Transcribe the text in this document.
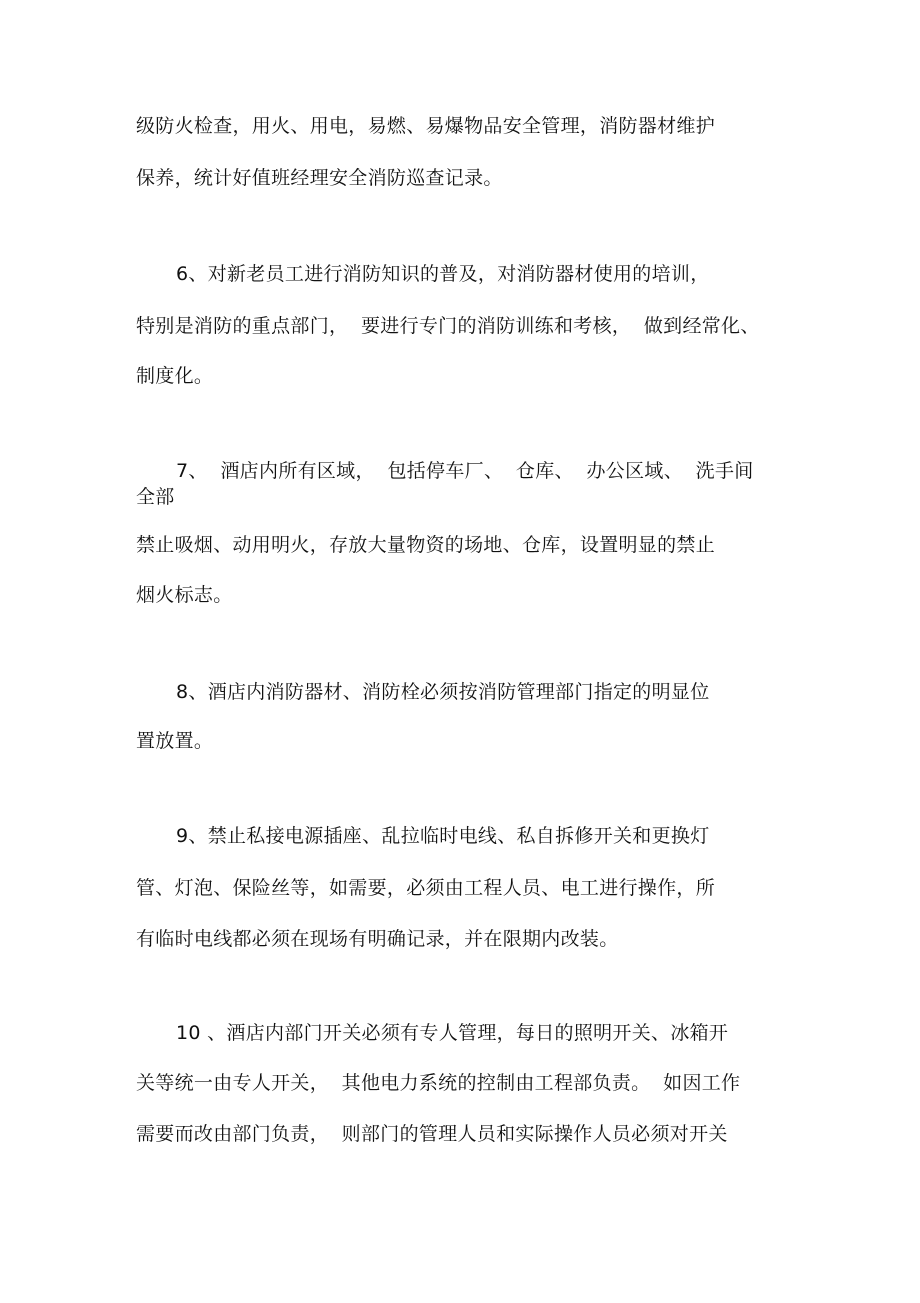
级防火检查，用火、用电，易燃、易爆物品安全管理，消防器材维护
保养，统计好值班经理安全消防巡查记录。
6、对新老员工进行消防知识的普及，对消防器材使用的培训，
特别是消防的重点部门，  要进行专门的消防训练和考核，  做到经常化、
制度化。
7、  酒店内所有区域，  包括停车厂、  仓库、  办公区域、  洗手间
全部
禁止吸烟、动用明火，存放大量物资的场地、仓库，设置明显的禁止
烟火标志。
8、酒店内消防器材、消防栓必须按消防管理部门指定的明显位
置放置。
9、禁止私接电源插座、乱拉临时电线、私自拆修开关和更换灯
管、灯泡、保险丝等，如需要，必须由工程人员、电工进行操作，所
有临时电线都必须在现场有明确记录，并在限期内改装。
10 、酒店内部门开关必须有专人管理，每日的照明开关、冰箱开
关等统一由专人开关，  其他电力系统的控制由工程部负责。  如因工作
需要而改由部门负责，  则部门的管理人员和实际操作人员必须对开关
